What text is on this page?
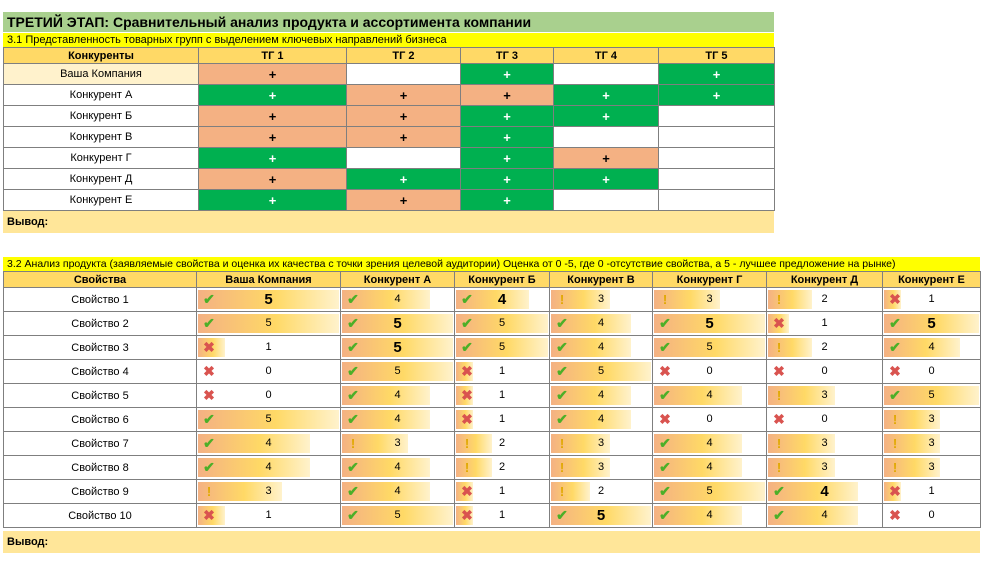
ТРЕТИЙ ЭТАП: Сравнительный анализ продукта и ассортимента компании
3.1 Представленность товарных групп с выделением ключевых направлений бизнеса
Конкуренты	ТГ 1	ТГ 2	ТГ 3	ТГ 4	ТГ 5
Ваша Компания	+		+		+
Конкурент А	+	+	+	+	+
Конкурент Б	+	+	+	+	
Конкурент В	+	+	+		
Конкурент Г	+		+	+	
Конкурент Д	+	+	+	+	
Конкурент Е	+	+	+		
Вывод:
3.2 Анализ продукта (заявляемые свойства и оценка их качества с точки зрения целевой аудитории) Оценка от 0 -5, где 0 -отсутствие свойства, а 5 - лучшее предложение на рынке)
Свойства	Ваша Компания	Конкурент А	Конкурент Б	Конкурент В	Конкурент Г	Конкурент Д	Конкурент Е
Свойство 1	✔ 5	✔ 4	✔ 4	! 3	! 3	! 2	✖ 1

Свойство 2	✔ 5	✔ 5	✔ 5	✔ 4	✔ 5	✖ 1	✔ 5

Свойство 3	✖ 1	✔ 5	✔ 5	✔ 4	✔ 5	! 2	✔ 4

Свойство 4	✖ 0	✔ 5	✖ 1	✔ 5	✖ 0	✖ 0	✖ 0

Свойство 5	✖ 0	✔ 4	✖ 1	✔ 4	✔ 4	! 3	✔ 5

Свойство 6	✔ 5	✔ 4	✖ 1	✔ 4	✖ 0	✖ 0	! 3

Свойство 7	✔ 4	! 3	! 2	! 3	✔ 4	! 3	! 3

Свойство 8	✔ 4	✔ 4	! 2	! 3	✔ 4	! 3	! 3

Свойство 9	! 3	✔ 4	✖ 1	! 2	✔ 5	✔ 4	✖ 1

Свойство 10	✖ 1	✔ 5	✖ 1	✔ 5	✔ 4	✔ 4	✖ 0
Вывод:
